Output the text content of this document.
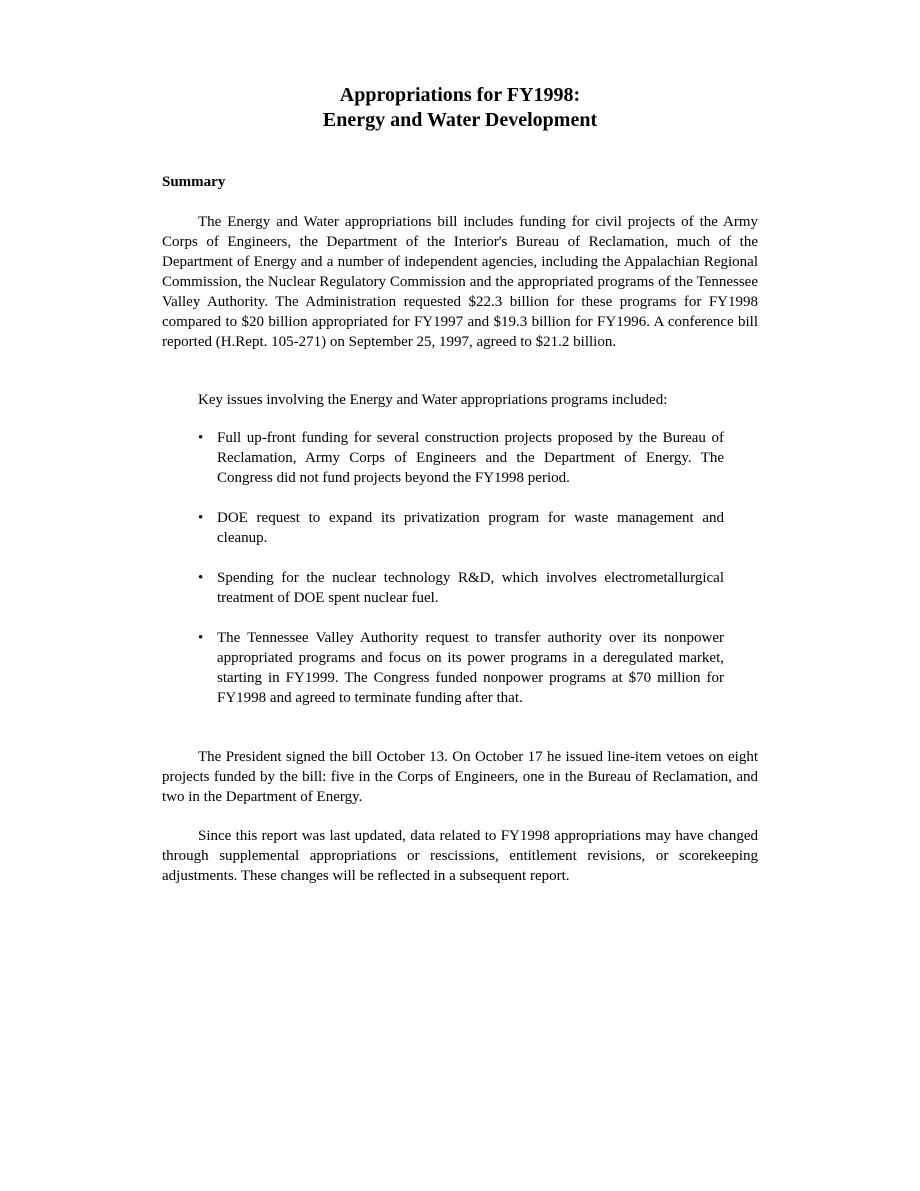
Appropriations for FY1998:
Energy and Water Development
Summary

The Energy and Water appropriations bill includes funding for civil projects of the Army Corps of Engineers, the Department of the Interior's Bureau of Reclamation, much of the Department of Energy and a number of independent agencies, including the Appalachian Regional Commission, the Nuclear Regulatory Commission and the appropriated programs of the Tennessee Valley Authority. The Administration requested $22.3 billion for these programs for FY1998 compared to $20 billion appropriated for FY1997 and $19.3 billion for FY1996. A conference bill reported (H.Rept. 105-271) on September 25, 1997, agreed to $21.2 billion.

Key issues involving the Energy and Water appropriations programs included:

• Full up-front funding for several construction projects proposed by the Bureau of Reclamation, Army Corps of Engineers and the Department of Energy. The Congress did not fund projects beyond the FY1998 period.
• DOE request to expand its privatization program for waste management and cleanup.
• Spending for the nuclear technology R&D, which involves electrometallurgical treatment of DOE spent nuclear fuel.
• The Tennessee Valley Authority request to transfer authority over its nonpower appropriated programs and focus on its power programs in a deregulated market, starting in FY1999. The Congress funded nonpower programs at $70 million for FY1998 and agreed to terminate funding after that.

The President signed the bill October 13. On October 17 he issued line-item vetoes on eight projects funded by the bill: five in the Corps of Engineers, one in the Bureau of Reclamation, and two in the Department of Energy.

Since this report was last updated, data related to FY1998 appropriations may have changed through supplemental appropriations or rescissions, entitlement revisions, or scorekeeping adjustments. These changes will be reflected in a subsequent report.
